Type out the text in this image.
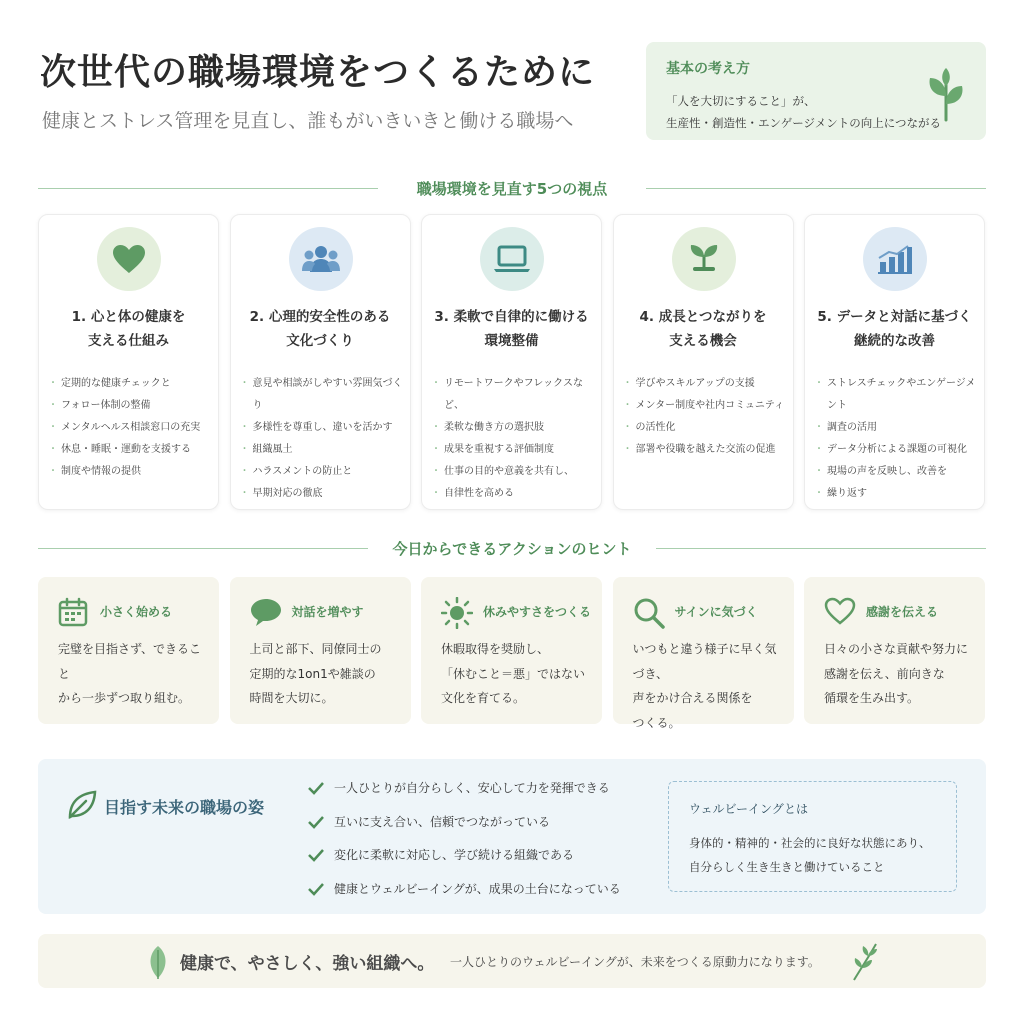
次世代の職場環境をつくるために
健康とストレス管理を見直し、誰もがいきいきと働ける職場へ
基本の考え方
「人を大切にすること」が、
生産性・創造性・エンゲージメントの向上につながる
職場環境を見直す5つの視点
1. 心と体の健康を
支える仕組み
・ 定期的な健康チェックと
・ フォロー体制の整備
・ メンタルヘルス相談窓口の充実
・ 休息・睡眠・運動を支援する
・ 制度や情報の提供
2. 心理的安全性のある
文化づくり
・ 意見や相談がしやすい雰囲気づくり
・ 多様性を尊重し、違いを活かす
・ 組織風土
・ ハラスメントの防止と
・ 早期対応の徹底
3. 柔軟で自律的に働ける
環境整備
・ リモートワークやフレックスなど、
・ 柔軟な働き方の選択肢
・ 成果を重視する評価制度
・ 仕事の目的や意義を共有し、
・ 自律性を高める
4. 成長とつながりを
支える機会
・ 学びやスキルアップの支援
・ メンター制度や社内コミュニティ
・ の活性化
・ 部署や役職を越えた交流の促進
5. データと対話に基づく
継続的な改善
・ ストレスチェックやエンゲージメント
・ 調査の活用
・ データ分析による課題の可視化
・ 現場の声を反映し、改善を
・ 繰り返す
今日からできるアクションのヒント
小さく始める
完璧を目指さず、できること
から一歩ずつ取り組む。
対話を増やす
上司と部下、同僚同士の
定期的な1on1や雑談の
時間を大切に。
休みやすさをつくる
休暇取得を奨励し、
「休むこと＝悪」ではない
文化を育てる。
サインに気づく
いつもと違う様子に早く気づき、
声をかけ合える関係を
つくる。
感謝を伝える
日々の小さな貢献や努力に
感謝を伝え、前向きな
循環を生み出す。
目指す未来の職場の姿
一人ひとりが自分らしく、安心して力を発揮できる
互いに支え合い、信頼でつながっている
変化に柔軟に対応し、学び続ける組織である
健康とウェルビーイングが、成果の土台になっている
ウェルビーイングとは
身体的・精神的・社会的に良好な状態にあり、
自分らしく生き生きと働けていること
健康で、やさしく、強い組織へ。 一人ひとりのウェルビーイングが、未来をつくる原動力になります。
